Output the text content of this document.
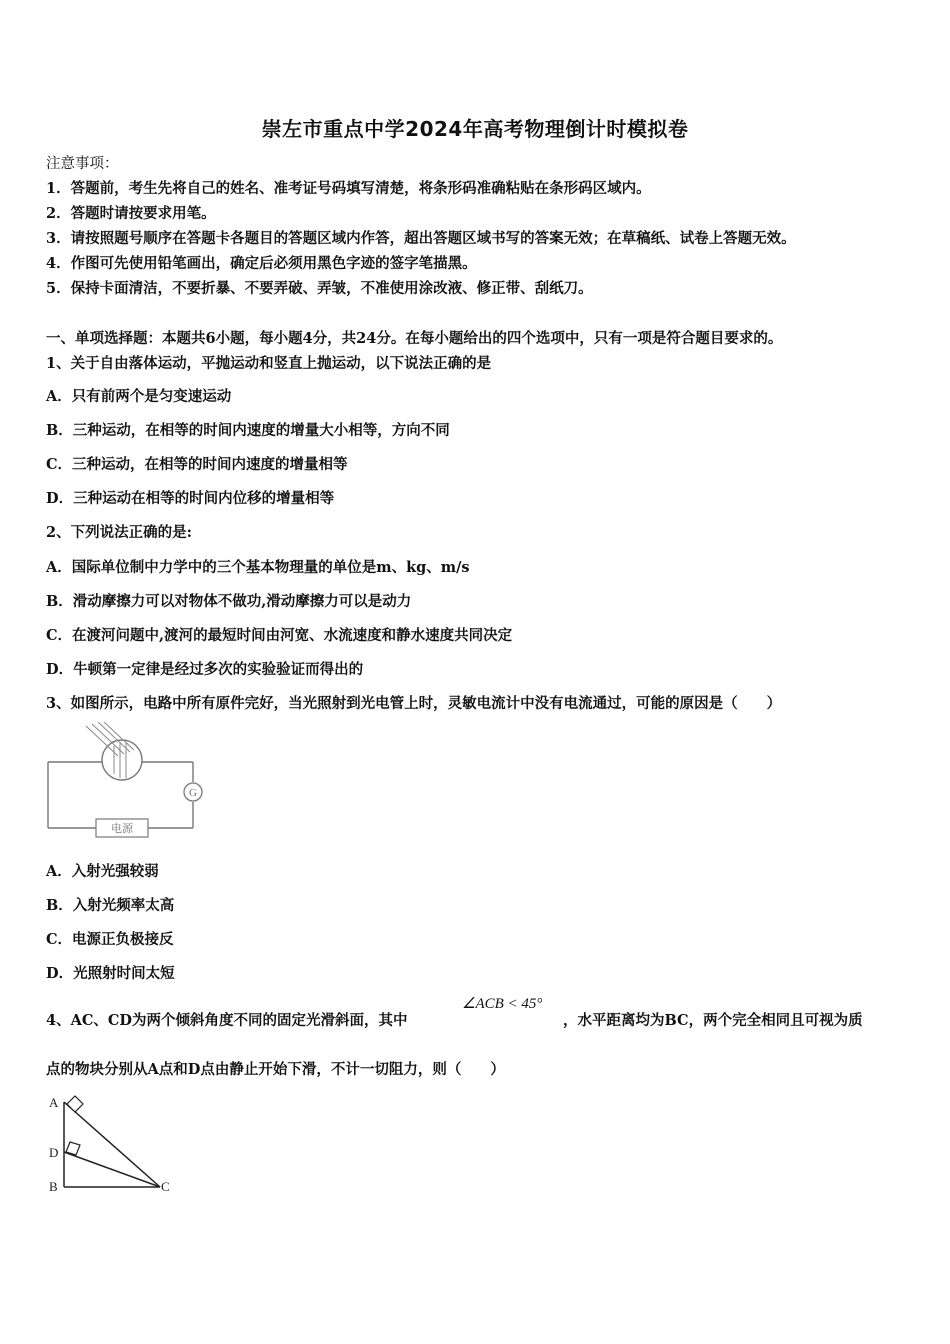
崇左市重点中学2024年高考物理倒计时模拟卷
注意事项：
1．答题前，考生先将自己的姓名、准考证号码填写清楚，将条形码准确粘贴在条形码区域内。
2．答题时请按要求用笔。
3．请按照题号顺序在答题卡各题目的答题区域内作答，超出答题区域书写的答案无效；在草稿纸、试卷上答题无效。
4．作图可先使用铅笔画出，确定后必须用黑色字迹的签字笔描黑。
5．保持卡面清洁，不要折暴、不要弄破、弄皱，不准使用涂改液、修正带、刮纸刀。
一、单项选择题：本题共6小题，每小题4分，共24分。在每小题给出的四个选项中，只有一项是符合题目要求的。
1、关于自由落体运动，平抛运动和竖直上抛运动，以下说法正确的是
A．只有前两个是匀变速运动
B．三种运动，在相等的时间内速度的增量大小相等，方向不同
C．三种运动，在相等的时间内速度的增量相等
D．三种运动在相等的时间内位移的增量相等
2、下列说法正确的是:
A．国际单位制中力学中的三个基本物理量的单位是m、kg、m/s
B．滑动摩擦力可以对物体不做功,滑动摩擦力可以是动力
C．在渡河问题中,渡河的最短时间由河宽、水流速度和静水速度共同决定
D．牛顿第一定律是经过多次的实验验证而得出的
3、如图所示，电路中所有原件完好，当光照射到光电管上时，灵敏电流计中没有电流通过，可能的原因是（　　）
G
电源
A．入射光强较弱
B．入射光频率太高
C．电源正负极接反
D．光照射时间太短
4、AC、CD为两个倾斜角度不同的固定光滑斜面，其中
∠ACB < 45°
，水平距离均为BC，两个完全相同且可视为质
点的物块分别从A点和D点由静止开始下滑，不计一切阻力，则（　　）
A
D
B	C
